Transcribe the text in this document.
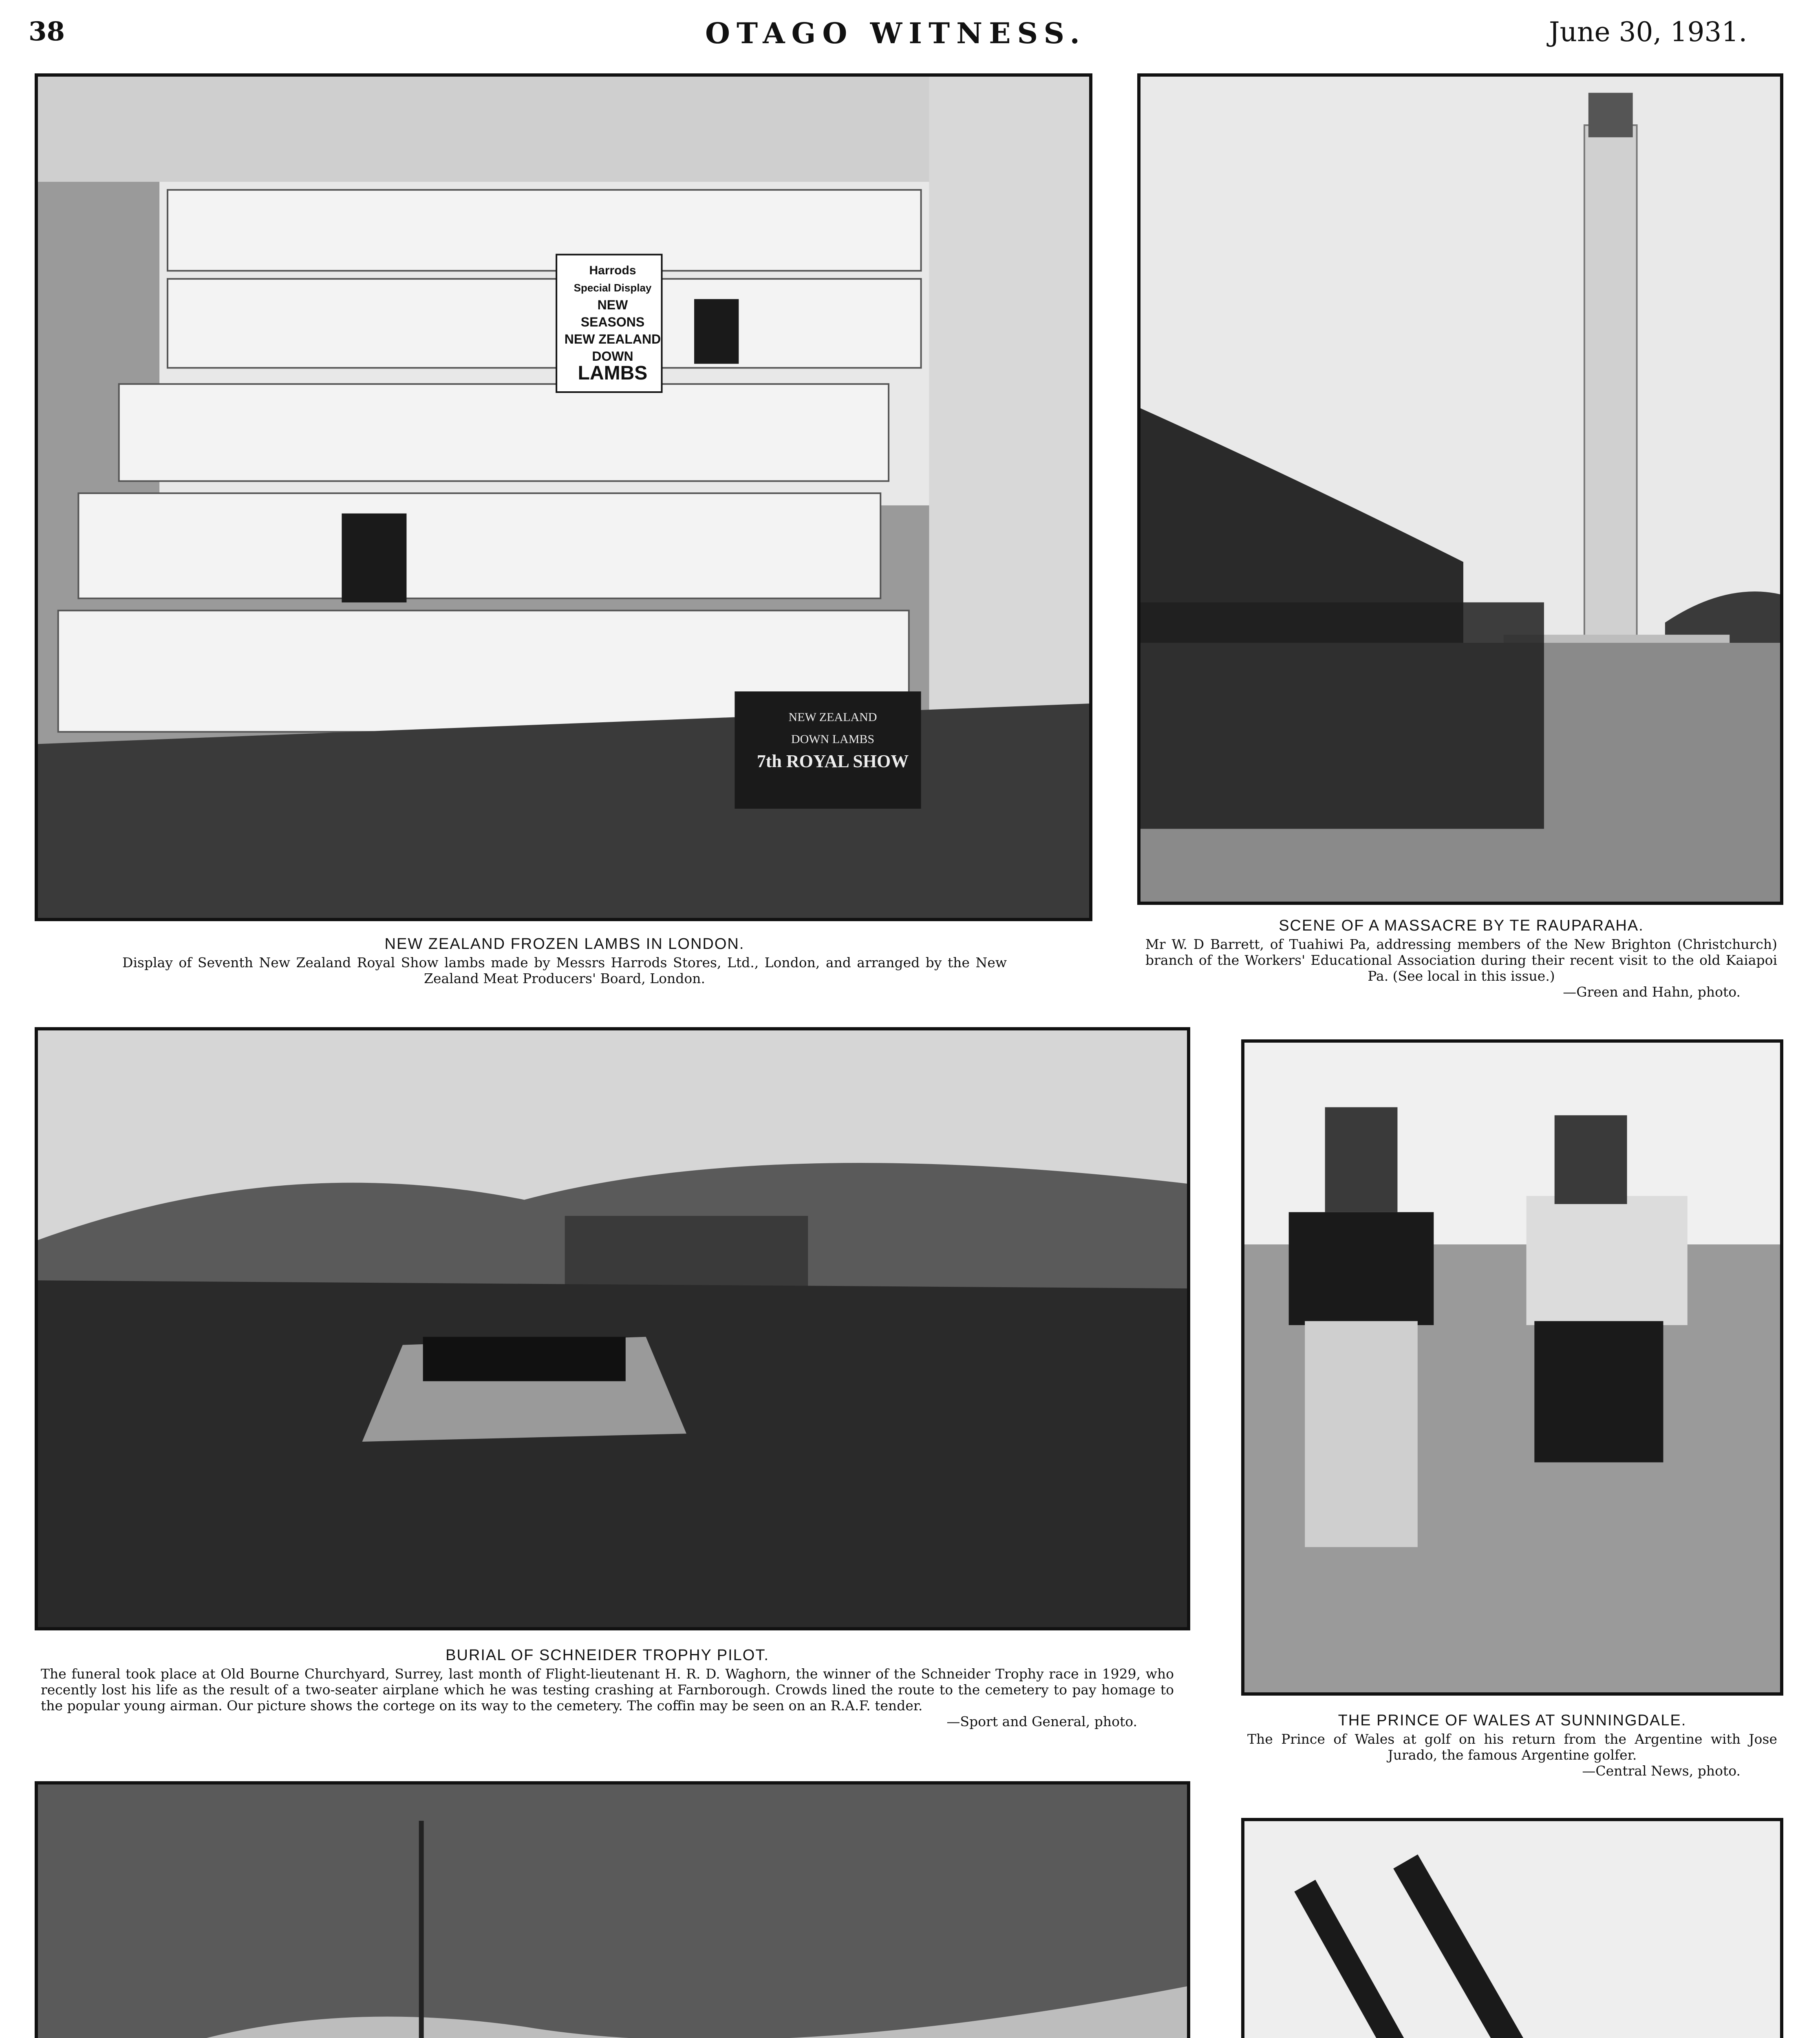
38	OTAGO WITNESS.	June 30, 1931.
Harrods
Special Display
NEW SEASONS
NEW ZEALAND
DOWN
LAMBS
NEW ZEALAND
DOWN LAMBS
7th ROYAL SHOW
NEW ZEALAND FROZEN LAMBS IN LONDON.
Display of Seventh New Zealand Royal Show lambs made by Messrs Harrods Stores, Ltd., London, and arranged by the New Zealand Meat Producers' Board, London.
SCENE OF A MASSACRE BY TE RAUPARAHA.
Mr W. D Barrett, of Tuahiwi Pa, addressing members of the New Brighton (Christchurch) branch of the Workers' Educational Association during their recent visit to the old Kaiapoi Pa. (See local in this issue.)
—Green and Hahn, photo.
BURIAL OF SCHNEIDER TROPHY PILOT.
The funeral took place at Old Bourne Churchyard, Surrey, last month of Flight-lieutenant H. R. D. Waghorn, the winner of the Schneider Trophy race in 1929, who recently lost his life as the result of a two-seater airplane which he was testing crashing at Farnborough. Crowds lined the route to the cemetery to pay homage to the popular young airman. Our picture shows the cortege on its way to the cemetery. The coffin may be seen on an R.A.F. tender.
—Sport and General, photo.	THE PRINCE OF WALES AT SUNNINGDALE.
The Prince of Wales at golf on his return from the Argentine with Jose Jurado, the famous Argentine golfer.
—Central News, photo.
